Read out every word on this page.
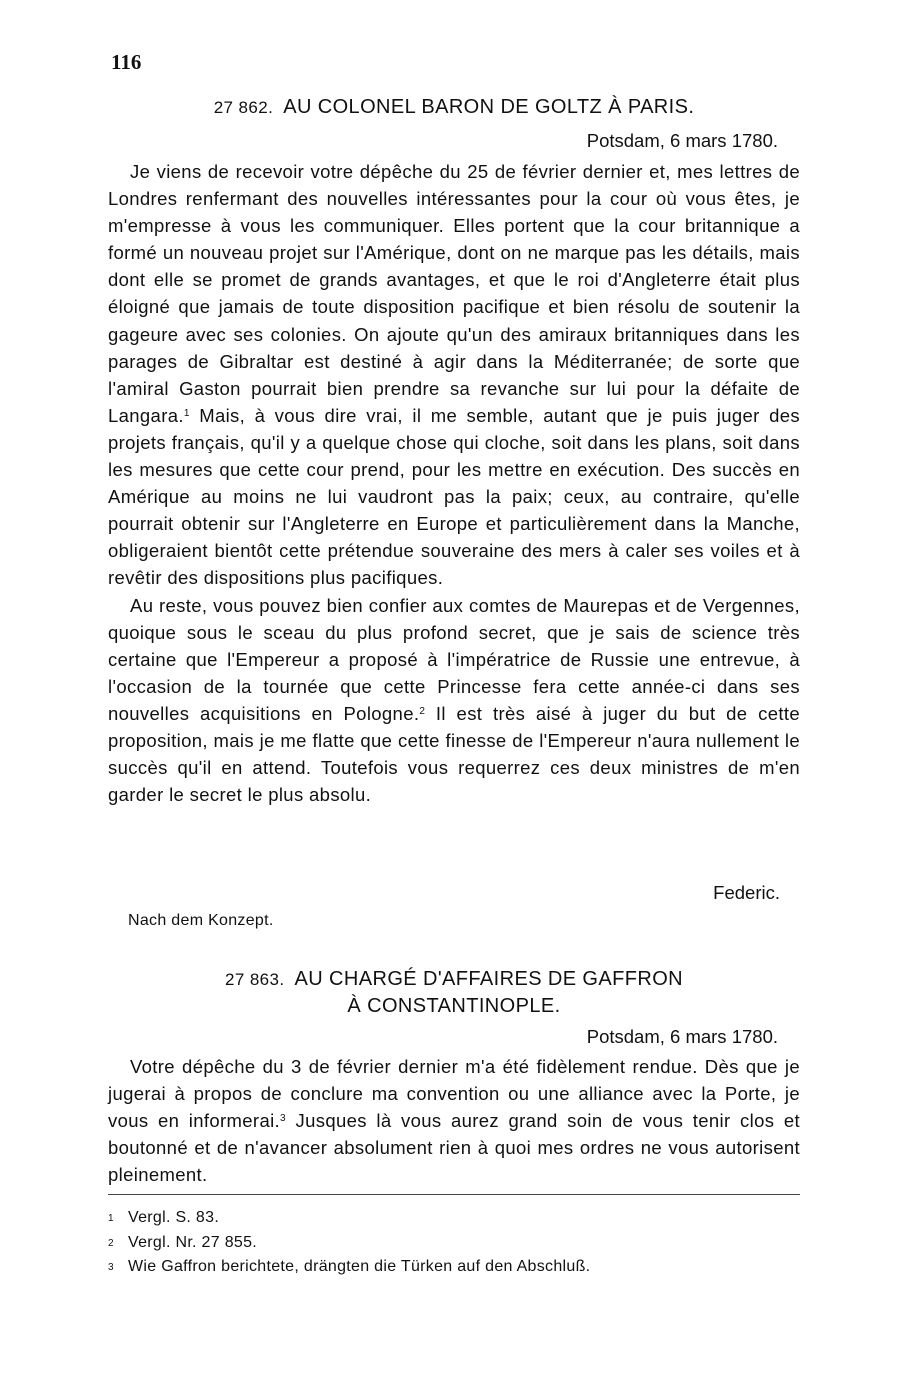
116
27 862. AU COLONEL BARON DE GOLTZ À PARIS.
Potsdam, 6 mars 1780.

Je viens de recevoir votre dépêche du 25 de février dernier et, mes lettres de Londres renfermant des nouvelles intéressantes pour la cour où vous êtes, je m'empresse à vous les communiquer. Elles portent que la cour britannique a formé un nouveau projet sur l'Amérique, dont on ne marque pas les détails, mais dont elle se promet de grands avantages, et que le roi d'Angleterre était plus éloigné que jamais de toute disposition pacifique et bien résolu de soutenir la gageure avec ses colonies. On ajoute qu'un des amiraux britanniques dans les parages de Gibraltar est destiné à agir dans la Méditerranée; de sorte que l'amiral Gaston pourrait bien prendre sa revanche sur lui pour la défaite de Langara.$^1$ Mais, à vous dire vrai, il me semble, autant que je puis juger des projets français, qu'il y a quelque chose qui cloche, soit dans les plans, soit dans les mesures que cette cour prend, pour les mettre en exécution. Des succès en Amérique au moins ne lui vaudront pas la paix; ceux, au contraire, qu'elle pourrait obtenir sur l'Angleterre en Europe et particulièrement dans la Manche, obligeraient bientôt cette prétendue souveraine des mers à caler ses voiles et à revêtir des dispositions plus pacifiques.

Au reste, vous pouvez bien confier aux comtes de Maurepas et de Vergennes, quoique sous le sceau du plus profond secret, que je sais de science très certaine que l'Empereur a proposé à l'impératrice de Russie une entrevue, à l'occasion de la tournée que cette Princesse fera cette année-ci dans ses nouvelles acquisitions en Pologne.$^2$ Il est très aisé à juger du but de cette proposition, mais je me flatte que cette finesse de l'Empereur n'aura nullement le succès qu'il en attend. Toutefois vous requerrez ces deux ministres de m'en garder le secret le plus absolu.

Federic.
Nach dem Konzept.
27 863. AU CHARGÉ D'AFFAIRES DE GAFFRON
À CONSTANTINOPLE.
Potsdam, 6 mars 1780.

Votre dépêche du 3 de février dernier m'a été fidèlement rendue. Dès que je jugerai à propos de conclure ma convention ou une alliance avec la Porte, je vous en informerai.$^3$ Jusques là vous aurez grand soin de vous tenir clos et boutonné et de n'avancer absolument rien à quoi mes ordres ne vous autorisent pleinement.

1 Vergl. S. 83.
2 Vergl. Nr. 27 855.
3 Wie Gaffron berichtete, drängten die Türken auf den Abschluß.
